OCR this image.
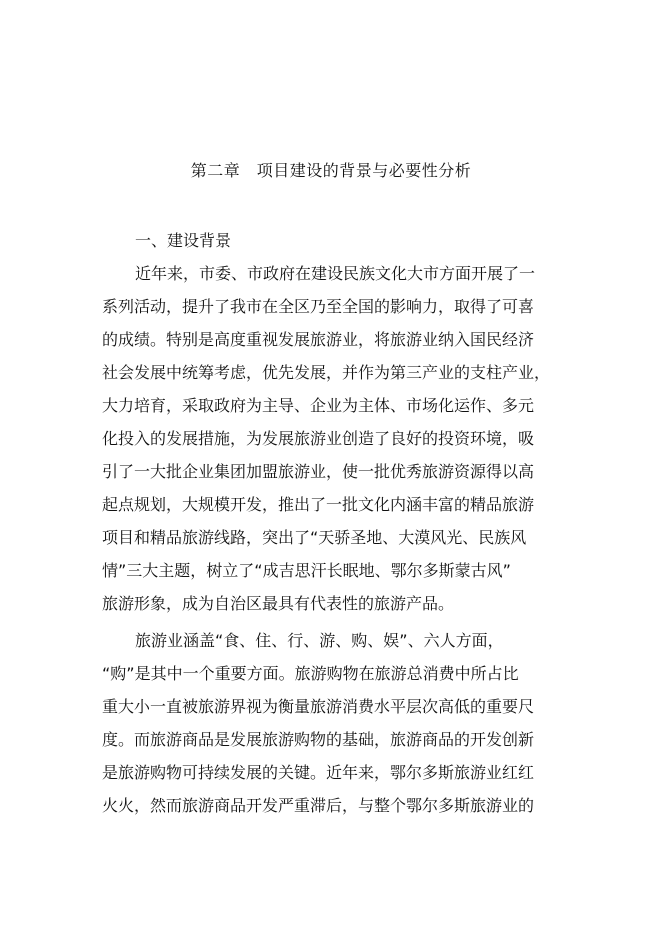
第二章　项目建设的背景与必要性分析
一、建设背景
近年来，市委、市政府在建设民族文化大市方面开展了一
系列活动，提升了我市在全区乃至全国的影响力，取得了可喜
的成绩。特别是高度重视发展旅游业，将旅游业纳入国民经济
社会发展中统筹考虑，优先发展，并作为第三产业的支柱产业，
大力培育，采取政府为主导、企业为主体、市场化运作、多元
化投入的发展措施，为发展旅游业创造了良好的投资环境，吸
引了一大批企业集团加盟旅游业，使一批优秀旅游资源得以高
起点规划，大规模开发，推出了一批文化内涵丰富的精品旅游
项目和精品旅游线路，突出了“天骄圣地、大漠风光、民族风
情”三大主题，树立了“成吉思汗长眠地、鄂尔多斯蒙古风”
旅游形象，成为自治区最具有代表性的旅游产品。
旅游业涵盖“食、住、行、游、购、娱”、六人方面，
“购”是其中一个重要方面。旅游购物在旅游总消费中所占比
重大小一直被旅游界视为衡量旅游消费水平层次高低的重要尺
度。而旅游商品是发展旅游购物的基础，旅游商品的开发创新
是旅游购物可持续发展的关键。近年来，鄂尔多斯旅游业红红
火火，然而旅游商品开发严重滞后，与整个鄂尔多斯旅游业的
